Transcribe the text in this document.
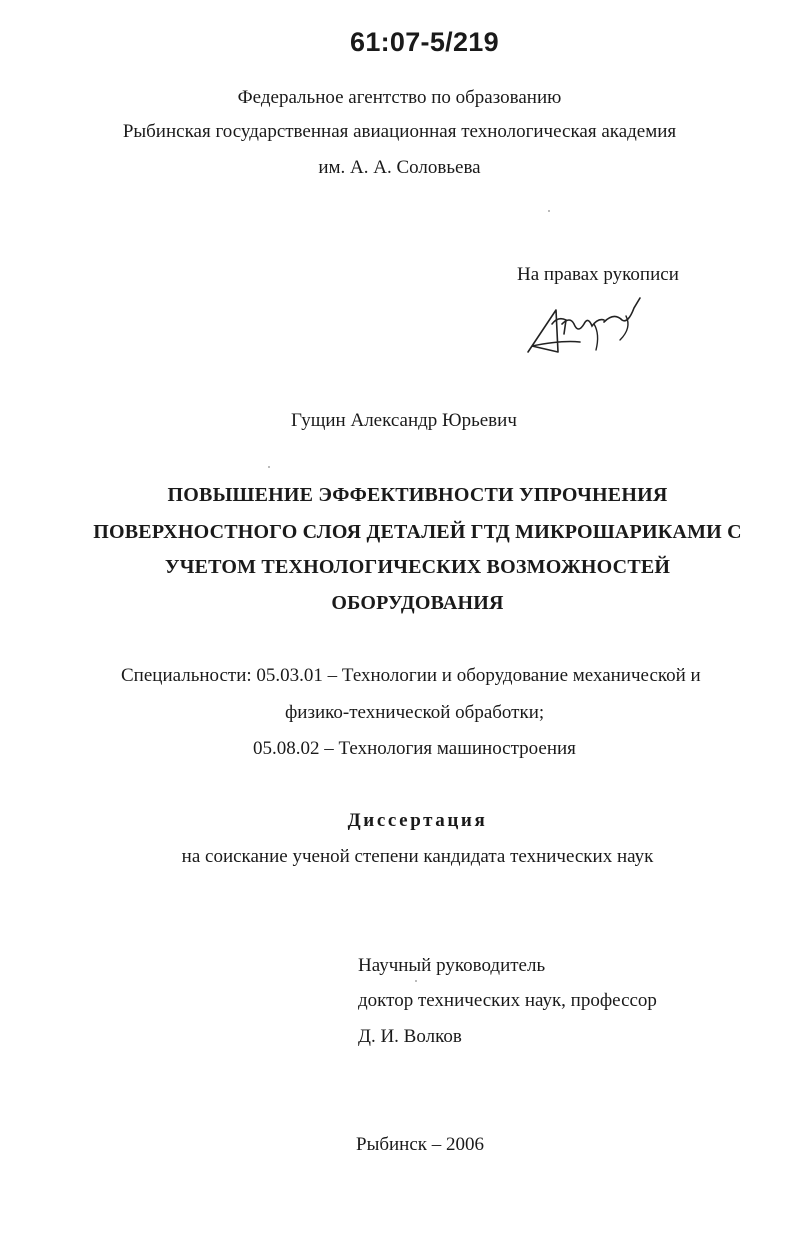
61:07-5/219
Федеральное агентство по образованию
Рыбинская государственная авиационная технологическая академия
им. А. А. Соловьева
На правах рукописи
Гущин Александр Юрьевич
ПОВЫШЕНИЕ ЭФФЕКТИВНОСТИ УПРОЧНЕНИЯ
ПОВЕРХНОСТНОГО СЛОЯ ДЕТАЛЕЙ ГТД МИКРОШАРИКАМИ С
УЧЕТОМ ТЕХНОЛОГИЧЕСКИХ ВОЗМОЖНОСТЕЙ
ОБОРУДОВАНИЯ
Специальности: 05.03.01 – Технологии и оборудование механической и
физико-технической обработки;
05.08.02 – Технология машиностроения
Диссертация
на соискание ученой степени кандидата технических наук
Научный руководитель
доктор технических наук, профессор
Д. И. Волков
Рыбинск – 2006
